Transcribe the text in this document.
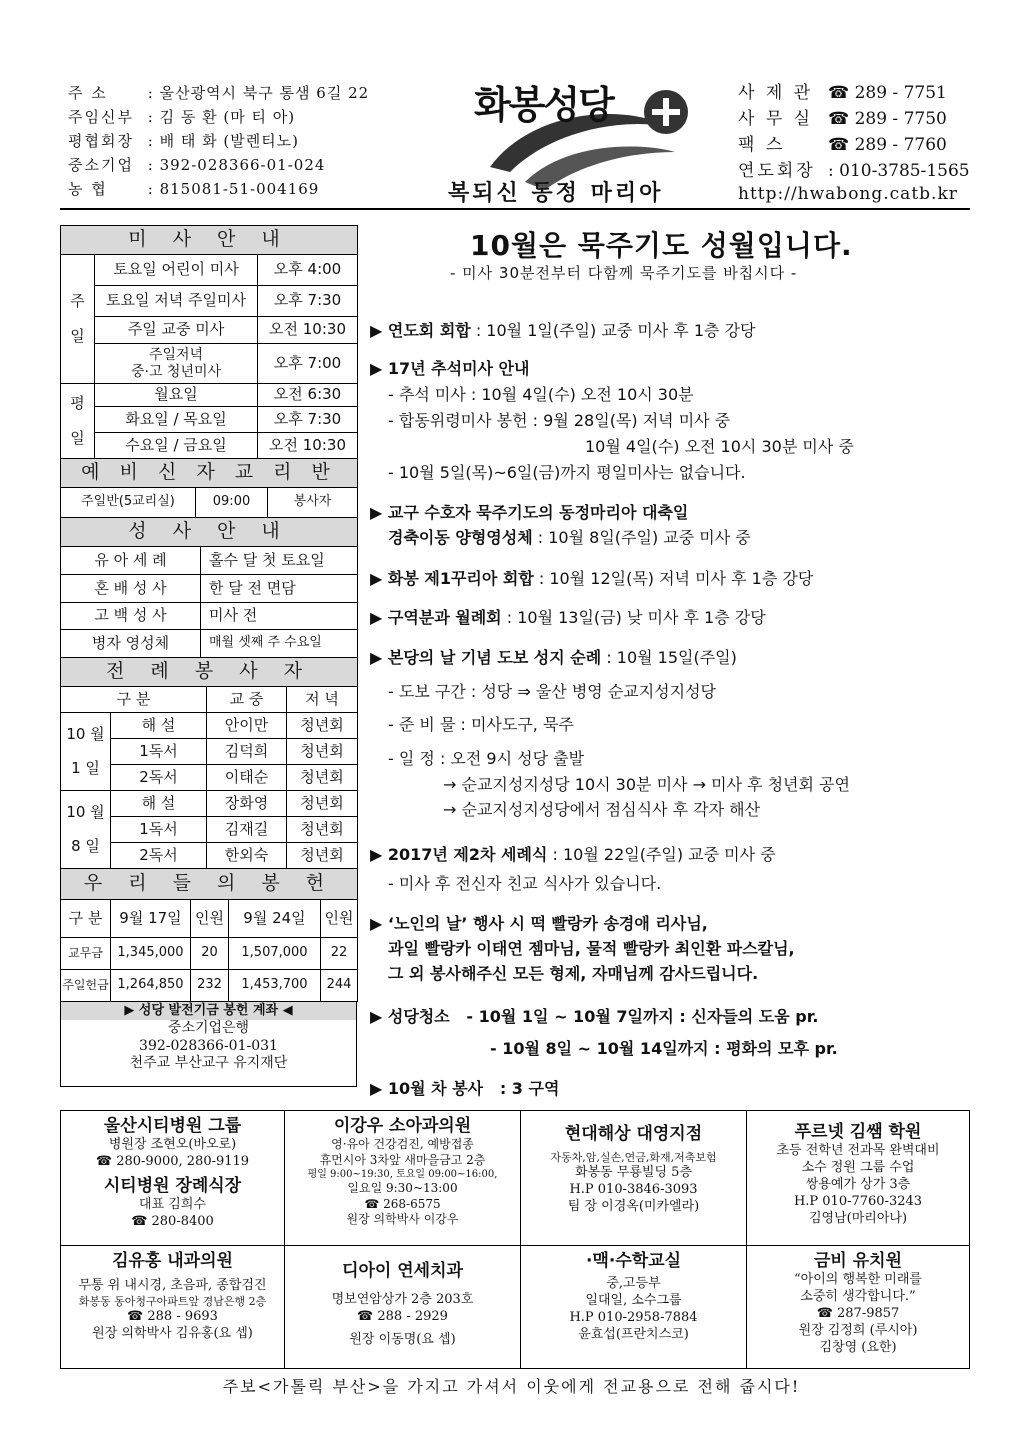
주 소 : 울산광역시 북구 통샘 6길 22
주임신부 : 김 동 환 (마 티 아)
평협회장 : 배 태 화 (발렌티노)
중소기업 : 392-028366-01-024
농 협 : 815081-51-004169
화봉성당
복되신 동정 마리아
사 제 관 ☎ 289 - 7751
사 무 실 ☎ 289 - 7750
팩 스	☎ 289 - 7760
연도회장 : 010-3785-1565
http://hwabong.catb.kr
미 사 안 내		
주

일	토요일 어린이 미사	오후 4:00
	토요일 저녁 주일미사	오후 7:30
	주일 교중 미사	오전 10:30
	주일저녁
중·고 청년미사	오후 7:00
평

일	월요일	오전 6:30
	화요일 / 목요일	오후 7:30
	수요일 / 금요일	오전 10:30
예 비 신 자 교 리 반
주일반(5교리실)	09:00	봉사자
성 사 안 내	
유 아 세 례	홀수 달 첫 토요일
혼 배 성 사	한 달 전 면담
고 백 성 사	미사 전
병자 영성체	매월 셋째 주 수요일
전 례 봉 사 자			
구 분		교 중	저 녁
10 월

1 일	해 설	안이만	청년회
	1독서	김덕희	청년회
	2독서	이태순	청년회
10 월

8 일	해 설	장화영	청년회
	1독서	김재길	청년회
	2독서	한외숙	청년회
우 리 들 의 봉 헌				
구 분	9월 17일	인원	9월 24일	인원
교무금	1,345,000	20	1,507,000	22
주일헌금	1,264,850	232	1,453,700	244
▶ 성당 발전기금 봉헌 계좌 ◀
중소기업은행
392-028366-01-031
천주교 부산교구 유지재단
10월은 묵주기도 성월입니다.
- 미사 30분전부터 다함께 묵주기도를 바칩시다 -
▶ 연도회 회합 : 10월 1일(주일) 교중 미사 후 1층 강당
▶ 17년 추석미사 안내
- 추석 미사 : 10월 4일(수) 오전 10시 30분
- 합동위령미사 봉헌 : 9월 28일(목) 저녁 미사 중
10월 4일(수) 오전 10시 30분 미사 중
- 10월 5일(목)~6일(금)까지 평일미사는 없습니다.
▶ 교구 수호자 묵주기도의 동정마리아 대축일
경축이동 양형영성체 : 10월 8일(주일) 교중 미사 중
▶ 화봉 제1꾸리아 회합 : 10월 12일(목) 저녁 미사 후 1층 강당
▶ 구역분과 월례회 : 10월 13일(금) 낮 미사 후 1층 강당
▶ 본당의 날 기념 도보 성지 순례 : 10월 15일(주일)
- 도보 구간 : 성당 ⇒ 울산 병영 순교지성지성당
- 준 비 물 : 미사도구, 묵주
- 일 정 : 오전 9시 성당 출발
→ 순교지성지성당 10시 30분 미사 → 미사 후 청년회 공연
→ 순교지성지성당에서 점심식사 후 각자 해산
▶ 2017년 제2차 세례식 : 10월 22일(주일) 교중 미사 중
- 미사 후 전신자 친교 식사가 있습니다.
▶ ‘노인의 날’ 행사 시 떡 빨랑카 송경애 리사님,
과일 빨랑카 이태연 젬마님, 물적 빨랑카 최인환 파스칼님,
그 외 봉사해주신 모든 형제, 자매님께 감사드립니다.
▶ 성당청소 - 10월 1일 ~ 10월 7일까지 : 신자들의 도움 pr.
- 10월 8일 ~ 10월 14일까지 : 평화의 모후 pr.
▶ 10월 차 봉사 : 3 구역
울산시티병원 그룹
병원장 조현오(바오로)
☎ 280-9000, 280-9119
시티병원 장례식장
대표 김희수
☎ 280-8400
이강우 소아과의원
영·유아 건강검진, 예방접종
휴먼시아 3차앞 새마을금고 2층
평일 9:00~19:30, 토요일 09:00~16:00,
일요일 9:30~13:00
☎ 268-6575
원장 의학박사 이강우
현대해상 대영지점
자동차,암,실손,연금,화재,저축보험
화봉동 무룡빌딩 5층
H.P 010-3846-3093
팀 장 이경옥(미카엘라)
푸르넷 김쌤 학원
초등 전학년 전과목 완벽대비
소수 정원 그룹 수업
쌍용예가 상가 3층
H.P 010-7760-3243
김영남(마리아나)
김유홍 내과의원
무통 위 내시경, 초음파, 종합검진
화봉동 동아청구아파트앞 경남은행 2층
☎ 288 - 9693
원장 의학박사 김유홍(요 셉)
디아이 연세치과
명보연암상가 2층 203호
☎ 288 - 2929
원장 이동명(요 셉)
·맥·수학교실
중,고등부
일대일, 소수그룹
H.P 010-2958-7884
윤효섭(프란치스코)
금비 유치원
“아이의 행복한 미래를
소중히 생각합니다.”
☎ 287-9857
원장 김정희 (루시아)
김창영 (요한)
주보<가톨릭 부산>을 가지고 가셔서 이웃에게 전교용으로 전해 줍시다!
